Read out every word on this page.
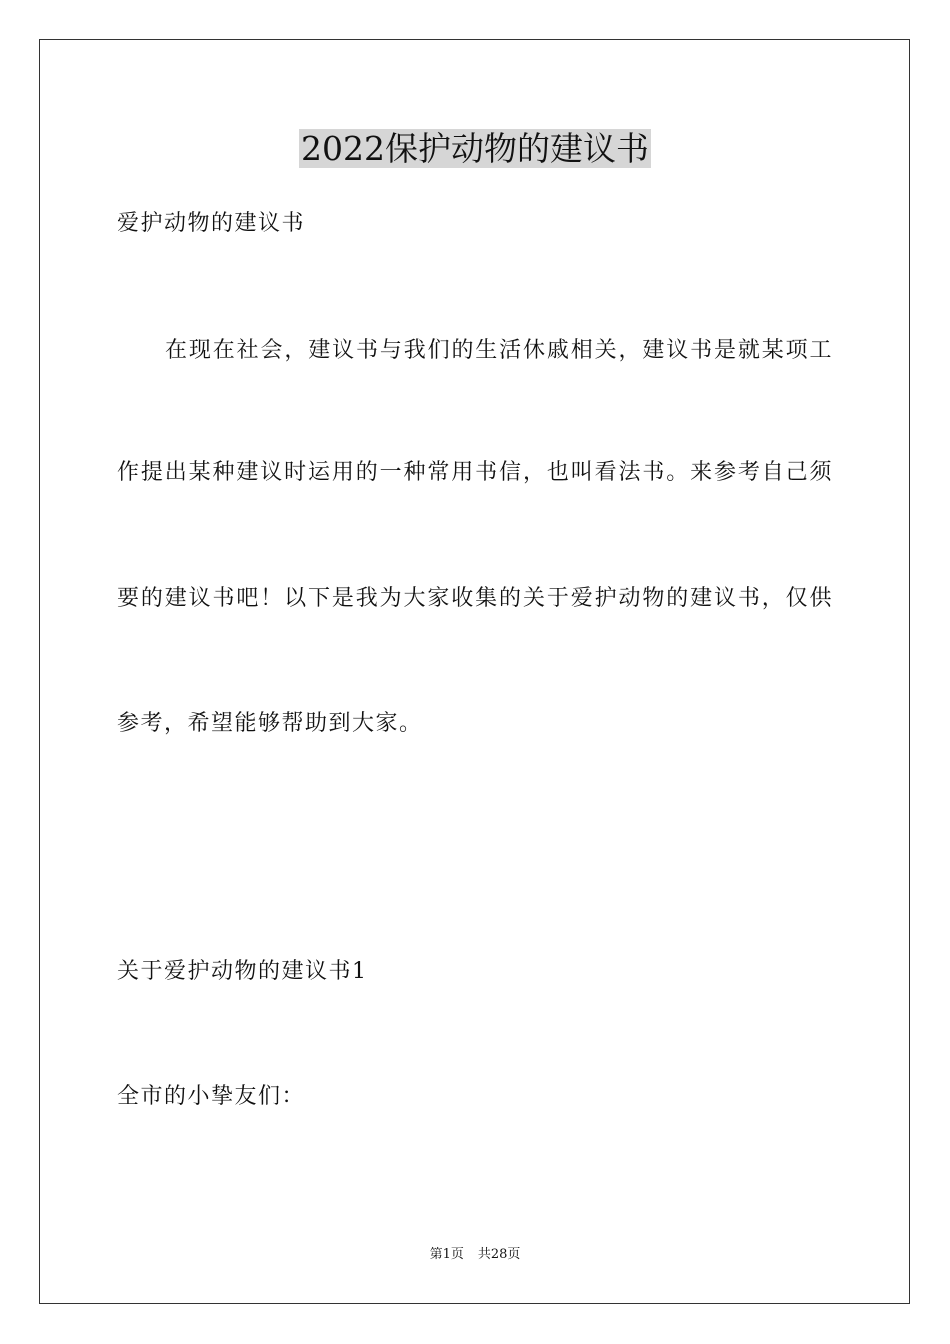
2022保护动物的建议书
爱护动物的建议书
在现在社会，建议书与我们的生活休戚相关，建议书是就某项工
作提出某种建议时运用的一种常用书信，也叫看法书。来参考自己须
要的建议书吧！以下是我为大家收集的关于爱护动物的建议书，仅供
参考，希望能够帮助到大家。
关于爱护动物的建议书1
全市的小挚友们：
第1页 共28页
